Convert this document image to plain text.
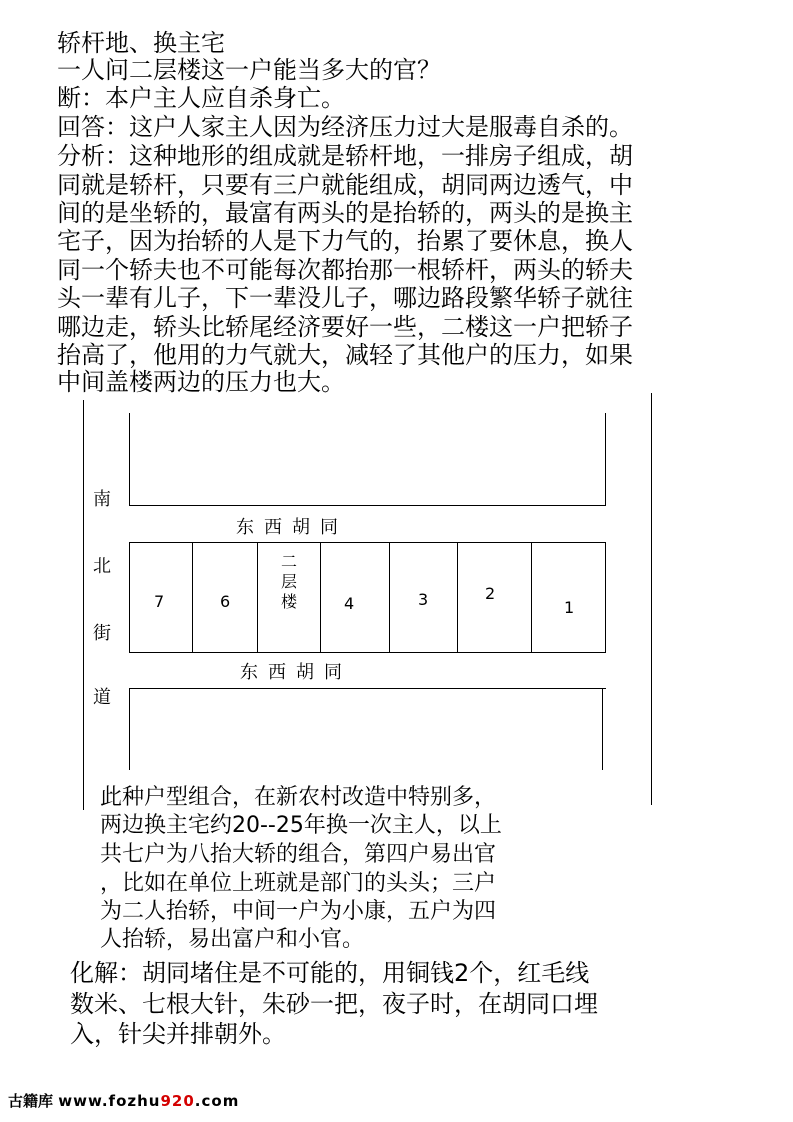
轿杆地、换主宅
一人问二层楼这一户能当多大的官？
断：本户主人应自杀身亡。
回答：这户人家主人因为经济压力过大是服毒自杀的。
分析：这种地形的组成就是轿杆地，一排房子组成，胡
同就是轿杆，只要有三户就能组成，胡同两边透气，中
间的是坐轿的，最富有两头的是抬轿的，两头的是换主
宅子，因为抬轿的人是下力气的，抬累了要休息，换人
同一个轿夫也不可能每次都抬那一根轿杆，两头的轿夫
头一辈有儿子，下一辈没儿子，哪边路段繁华轿子就往
哪边走，轿头比轿尾经济要好一些，二楼这一户把轿子
抬高了，他用的力气就大，减轻了其他户的压力，如果
中间盖楼两边的压力也大。
南
北
街
道
东西胡同
东西胡同
7	6
二层楼	4	3	2
1
此种户型组合，在新农村改造中特别多，
两边换主宅约20--25年换一次主人，以上
共七户为八抬大轿的组合，第四户易出官
，比如在单位上班就是部门的头头；三户
为二人抬轿，中间一户为小康，五户为四
人抬轿，易出富户和小官。
化解：胡同堵住是不可能的，用铜钱2个，红毛线
数米、七根大针，朱砂一把，夜子时，在胡同口埋
入，针尖并排朝外。
古籍库 www.fozhu920.com
